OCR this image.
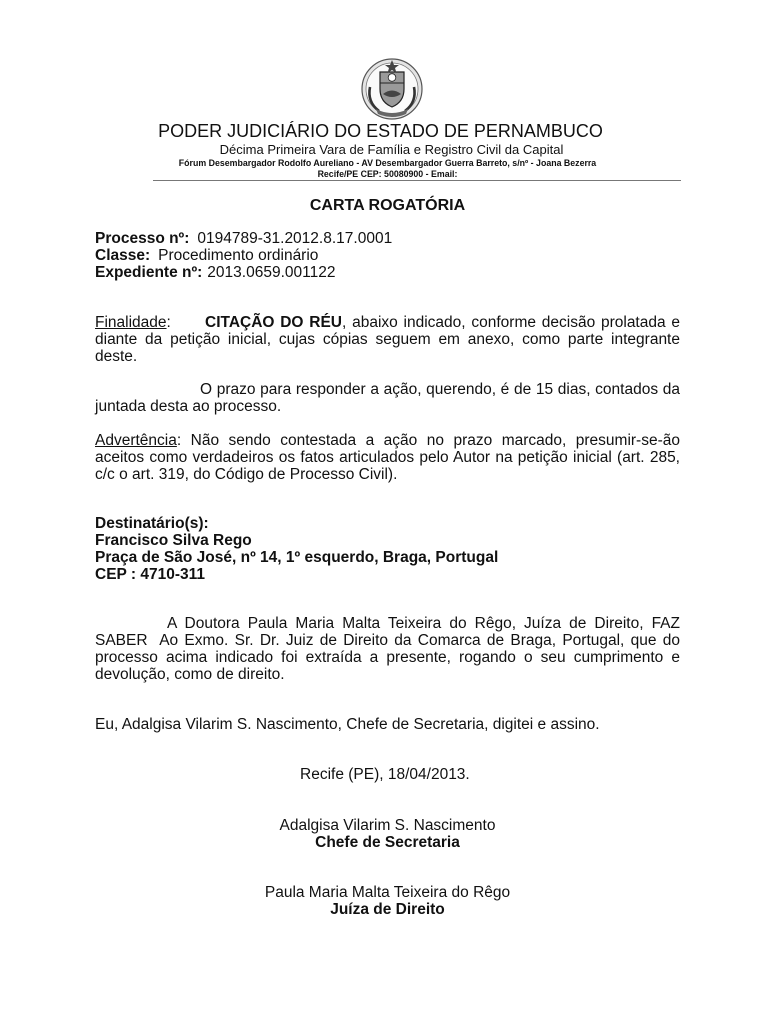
PODER JUDICIÁRIO DO ESTADO DE PERNAMBUCO
Décima Primeira Vara de Família e Registro Civil da Capital
Fórum Desembargador Rodolfo Aureliano - AV Desembargador Guerra Barreto, s/nº - Joana Bezerra
Recife/PE CEP: 50080900 - Email:
CARTA ROGATÓRIA
Processo nº: 0194789-31.2012.8.17.0001
Classe: Procedimento ordinário
Expediente nº: 2013.0659.001122

Finalidade: CITAÇÃO DO RÉU, abaixo indicado, conforme decisão prolatada e diante da petição inicial, cujas cópias seguem em anexo, como parte integrante deste.

O prazo para responder a ação, querendo, é de 15 dias, contados da juntada desta ao processo.

Advertência: Não sendo contestada a ação no prazo marcado, presumir-se-ão aceitos como verdadeiros os fatos articulados pelo Autor na petição inicial (art. 285, c/c o art. 319, do Código de Processo Civil).

Destinatário(s):
Francisco Silva Rego
Praça de São José, nº 14, 1º esquerdo, Braga, Portugal
CEP : 4710-311

A Doutora Paula Maria Malta Teixeira do Rêgo, Juíza de Direito, FAZ SABER  Ao Exmo. Sr. Dr. Juiz de Direito da Comarca de Braga, Portugal, que do processo acima indicado foi extraída a presente, rogando o seu cumprimento e devolução, como de direito.

Eu, Adalgisa Vilarim S. Nascimento, Chefe de Secretaria, digitei e assino.
Recife (PE), 18/04/2013.
Adalgisa Vilarim S. Nascimento
Chefe de Secretaria
Paula Maria Malta Teixeira do Rêgo
Juíza de Direito
